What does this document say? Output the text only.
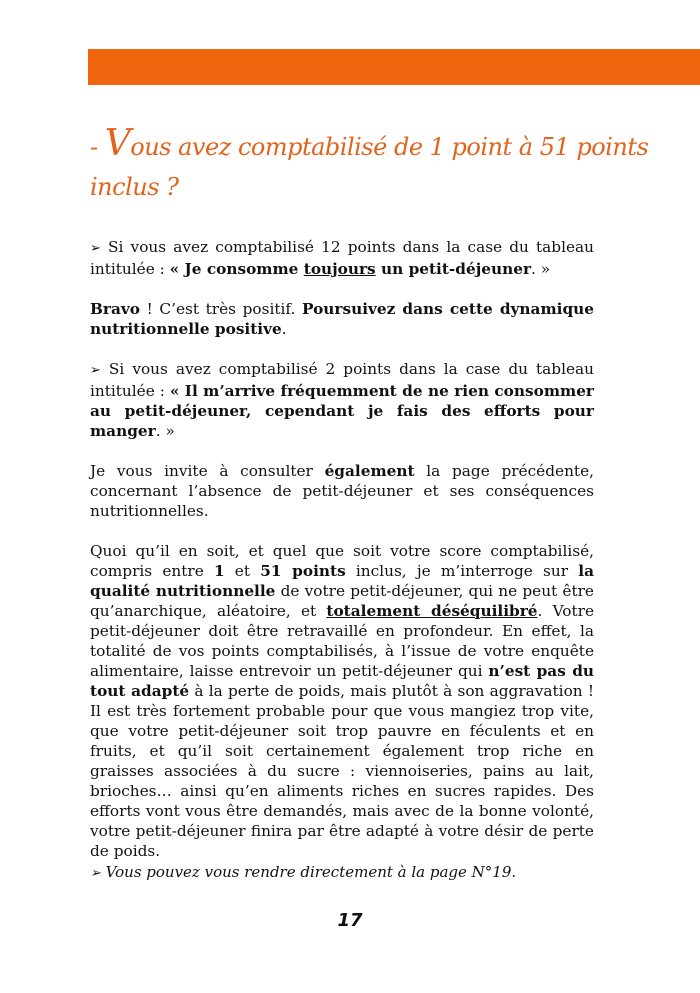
- Vous avez comptabilisé de 1 point à 51 points inclus ?

➢ Si vous avez comptabilisé 12 points dans la case du tableau intitulée : « Je consomme toujours un petit-déjeuner. »

Bravo ! C’est très positif. Poursuivez dans cette dynamique nutritionnelle positive.

➢ Si vous avez comptabilisé 2 points dans la case du tableau intitulée : « Il m’arrive fréquemment de ne rien consommer au petit-déjeuner, cependant je fais des efforts pour manger. »

Je vous invite à consulter également la page précédente, concernant l’absence de petit-déjeuner et ses conséquences nutritionnelles.

Quoi qu’il en soit, et quel que soit votre score comptabilisé, compris entre 1 et 51 points inclus, je m’interroge sur la qualité nutritionnelle de votre petit-déjeuner, qui ne peut être qu’anarchique, aléatoire, et totalement déséquilibré. Votre petit-déjeuner doit être retravaillé en profondeur. En effet, la totalité de vos points comptabilisés, à l’issue de votre enquête alimentaire, laisse entrevoir un petit-déjeuner qui n’est pas du tout adapté à la perte de poids, mais plutôt à son aggravation ! Il est très fortement probable pour que vous mangiez trop vite, que votre petit-déjeuner soit trop pauvre en féculents et en fruits, et qu’il soit certainement également trop riche en graisses associées à du sucre : viennoiseries, pains au lait, brioches… ainsi qu’en aliments riches en sucres rapides. Des efforts vont vous être demandés, mais avec de la bonne volonté, votre petit-déjeuner finira par être adapté à votre désir de perte de poids.

➢ Vous pouvez vous rendre directement à la page N°19.
17
